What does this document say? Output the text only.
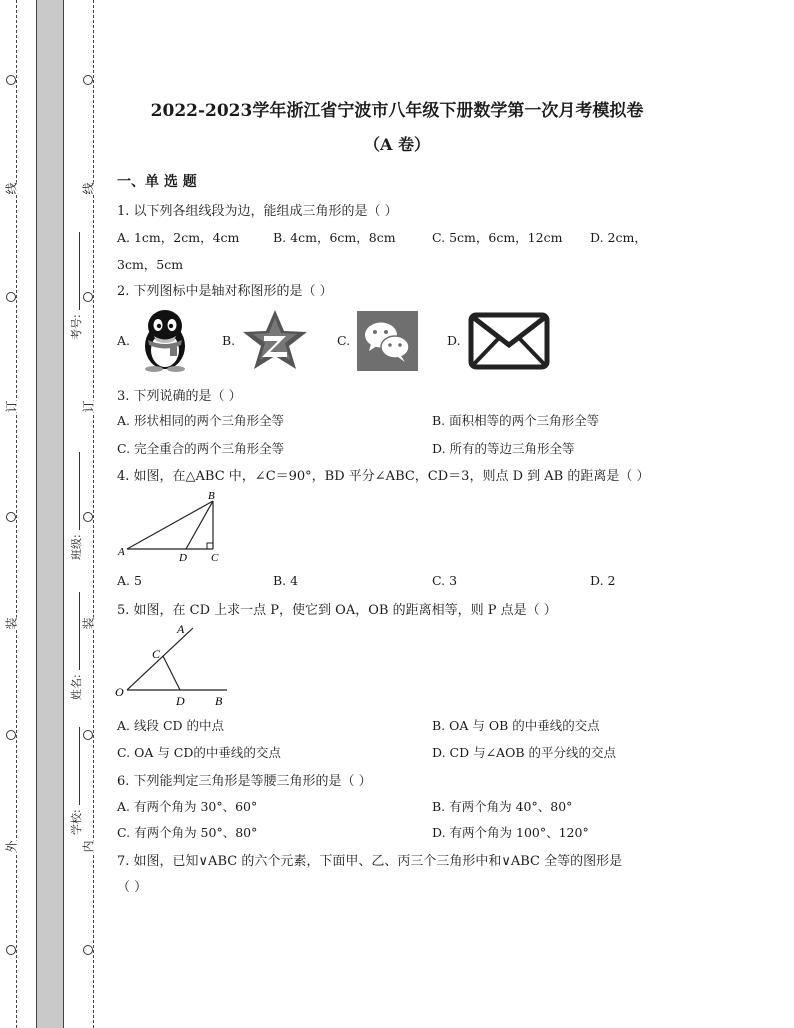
线
订
装
外
线
订
装
内
考号:
班级:
姓名:
学校:
2022-2023学年浙江省宁波市八年级下册数学第一次月考模拟卷
（A 卷）
一、单 选 题
1. 以下列各组线段为边，能组成三角形的是（ ）
A. 1cm，2cm，4cm	B. 4cm，6cm，8cm	C. 5cm，6cm，12cm D. 2cm，
3cm，5cm
2. 下列图标中是轴对称图形的是（ ）
A.	B.	C.	D.
3. 下列说确的是（ ）
A. 形状相同的两个三角形全等	B. 面积相等的两个三角形全等
C. 完全重合的两个三角形全等	D. 所有的等边三角形全等
4. 如图，在△ABC 中，∠C＝90°，BD 平分∠ABC，CD＝3，则点 D 到 AB 的距离是（ ）
A
B
D C
A. 5	B. 4	C. 3	D. 2
5. 如图，在 CD 上求一点 P，使它到 OA，OB 的距离相等，则 P 点是（ ）
A
C
O
D	B
A. 线段 CD 的中点	B. OA 与 OB 的中垂线的交点
C. OA 与 CD的中垂线的交点	D. CD 与∠AOB 的平分线的交点
6. 下列能判定三角形是等腰三角形的是（ ）
A. 有两个角为 30°、60°	B. 有两个角为 40°、80°
C. 有两个角为 50°、80°	D. 有两个角为 100°、120°
7. 如图，已知∨ABC 的六个元素，下面甲、乙、丙三个三角形中和∨ABC 全等的图形是
（ ）
